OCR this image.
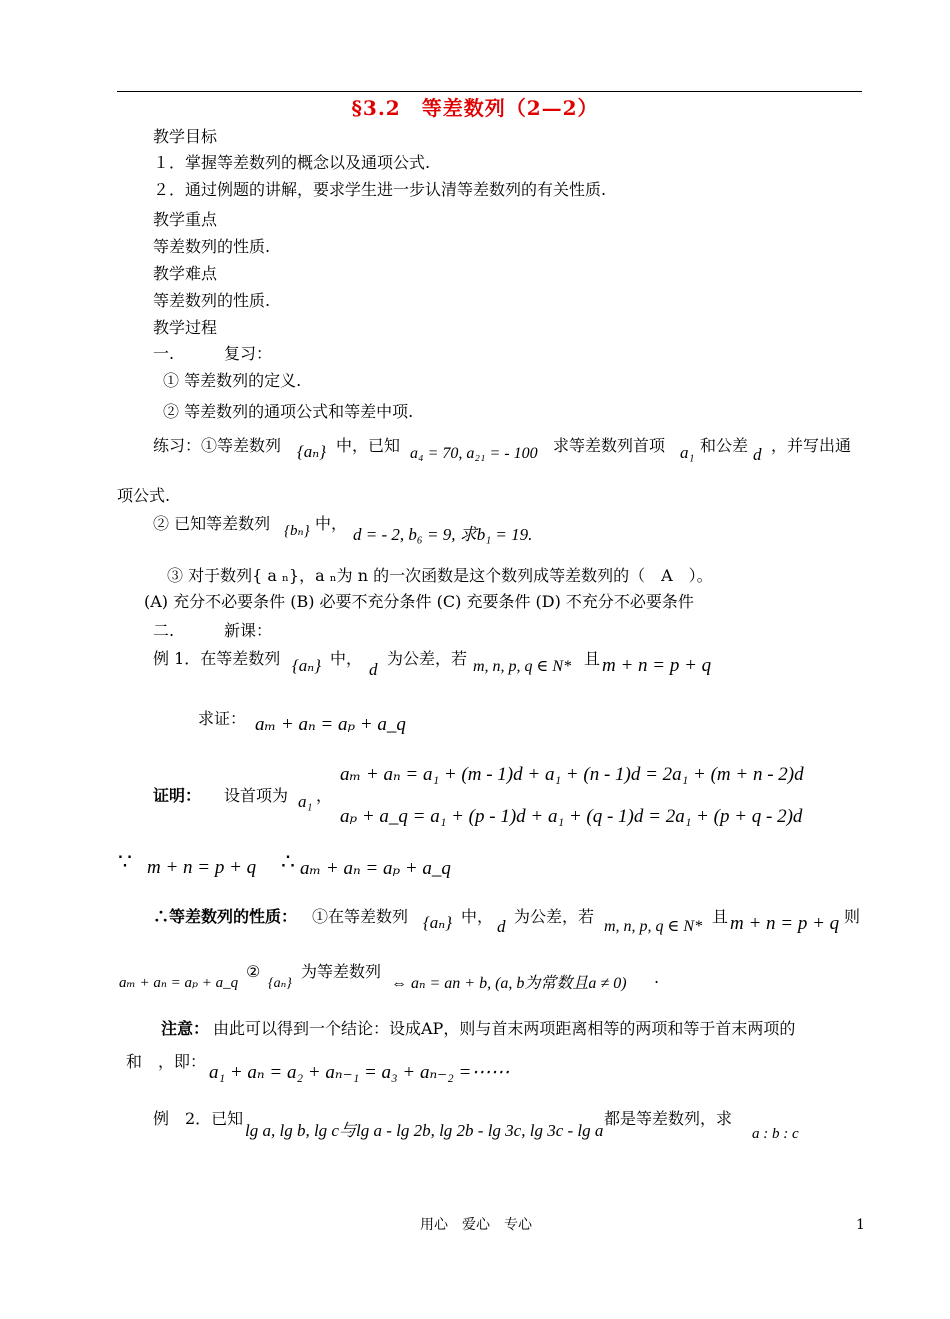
§3.2　等差数列（2—2）
教学目标
１．掌握等差数列的概念以及通项公式.
２．通过例题的讲解，要求学生进一步认清等差数列的有关性质.
教学重点
等差数列的性质.
教学难点
等差数列的性质.
教学过程
一.	复习：
① 等差数列的定义.
② 等差数列的通项公式和等差中项.
练习：①等差数列 {aₙ} 中，已知 a₄ = 70, a₂₁ = - 100 求等差数列首项 a₁ 和公差 d ，并写出通
项公式.
② 已知等差数列 {bₙ} 中，
d = - 2, b₆ = 9, 求b₁ = 19.
③ 对于数列{ a ₙ}，a ₙ为 n 的一次函数是这个数列成等差数列的（　A　）。
(A) 充分不必要条件 (B) 必要不充分条件 (C) 充要条件 (D) 不充分不必要条件
二.	新课：
例 1．在等差数列 {aₙ} 中，
d
为公差，若 m, n, p, q ∈ N* 且 m + n = p + q
求证： aₘ + aₙ = aₚ + a_q
证明： 设首项为 a₁ ，
aₘ + aₙ = a₁ + (m - 1)d + a₁ + (n - 1)d = 2a₁ + (m + n - 2)d
aₚ + a_q = a₁ + (p - 1)d + a₁ + (q - 1)d = 2a₁ + (p + q - 2)d
∵ m + n = p + q ∴ aₘ + aₙ = aₚ + a_q
∴等差数列的性质： ①在等差数列 {aₙ} 中，
d
为公差，若
m, n, p, q ∈ N*
且 m + n = p + q 则
aₘ + aₙ = aₚ + a_q
②
{aₙ}
为等差数列
⇔ aₙ = an + b, (a, b为常数且a ≠ 0) .
注意： 由此可以得到一个结论：设成AP，则与首末两项距离相等的两项和等于首末两项的
和　，即：
a₁ + aₙ = a₂ + aₙ₋₁ = a₃ + aₙ₋₂ =⋯⋯
例　2．已知
lg a, lg b, lg c与lg a - lg 2b, lg 2b - lg 3c, lg 3c - lg a
都是等差数列，求
a : b : c
用心　爱心　专心	1
